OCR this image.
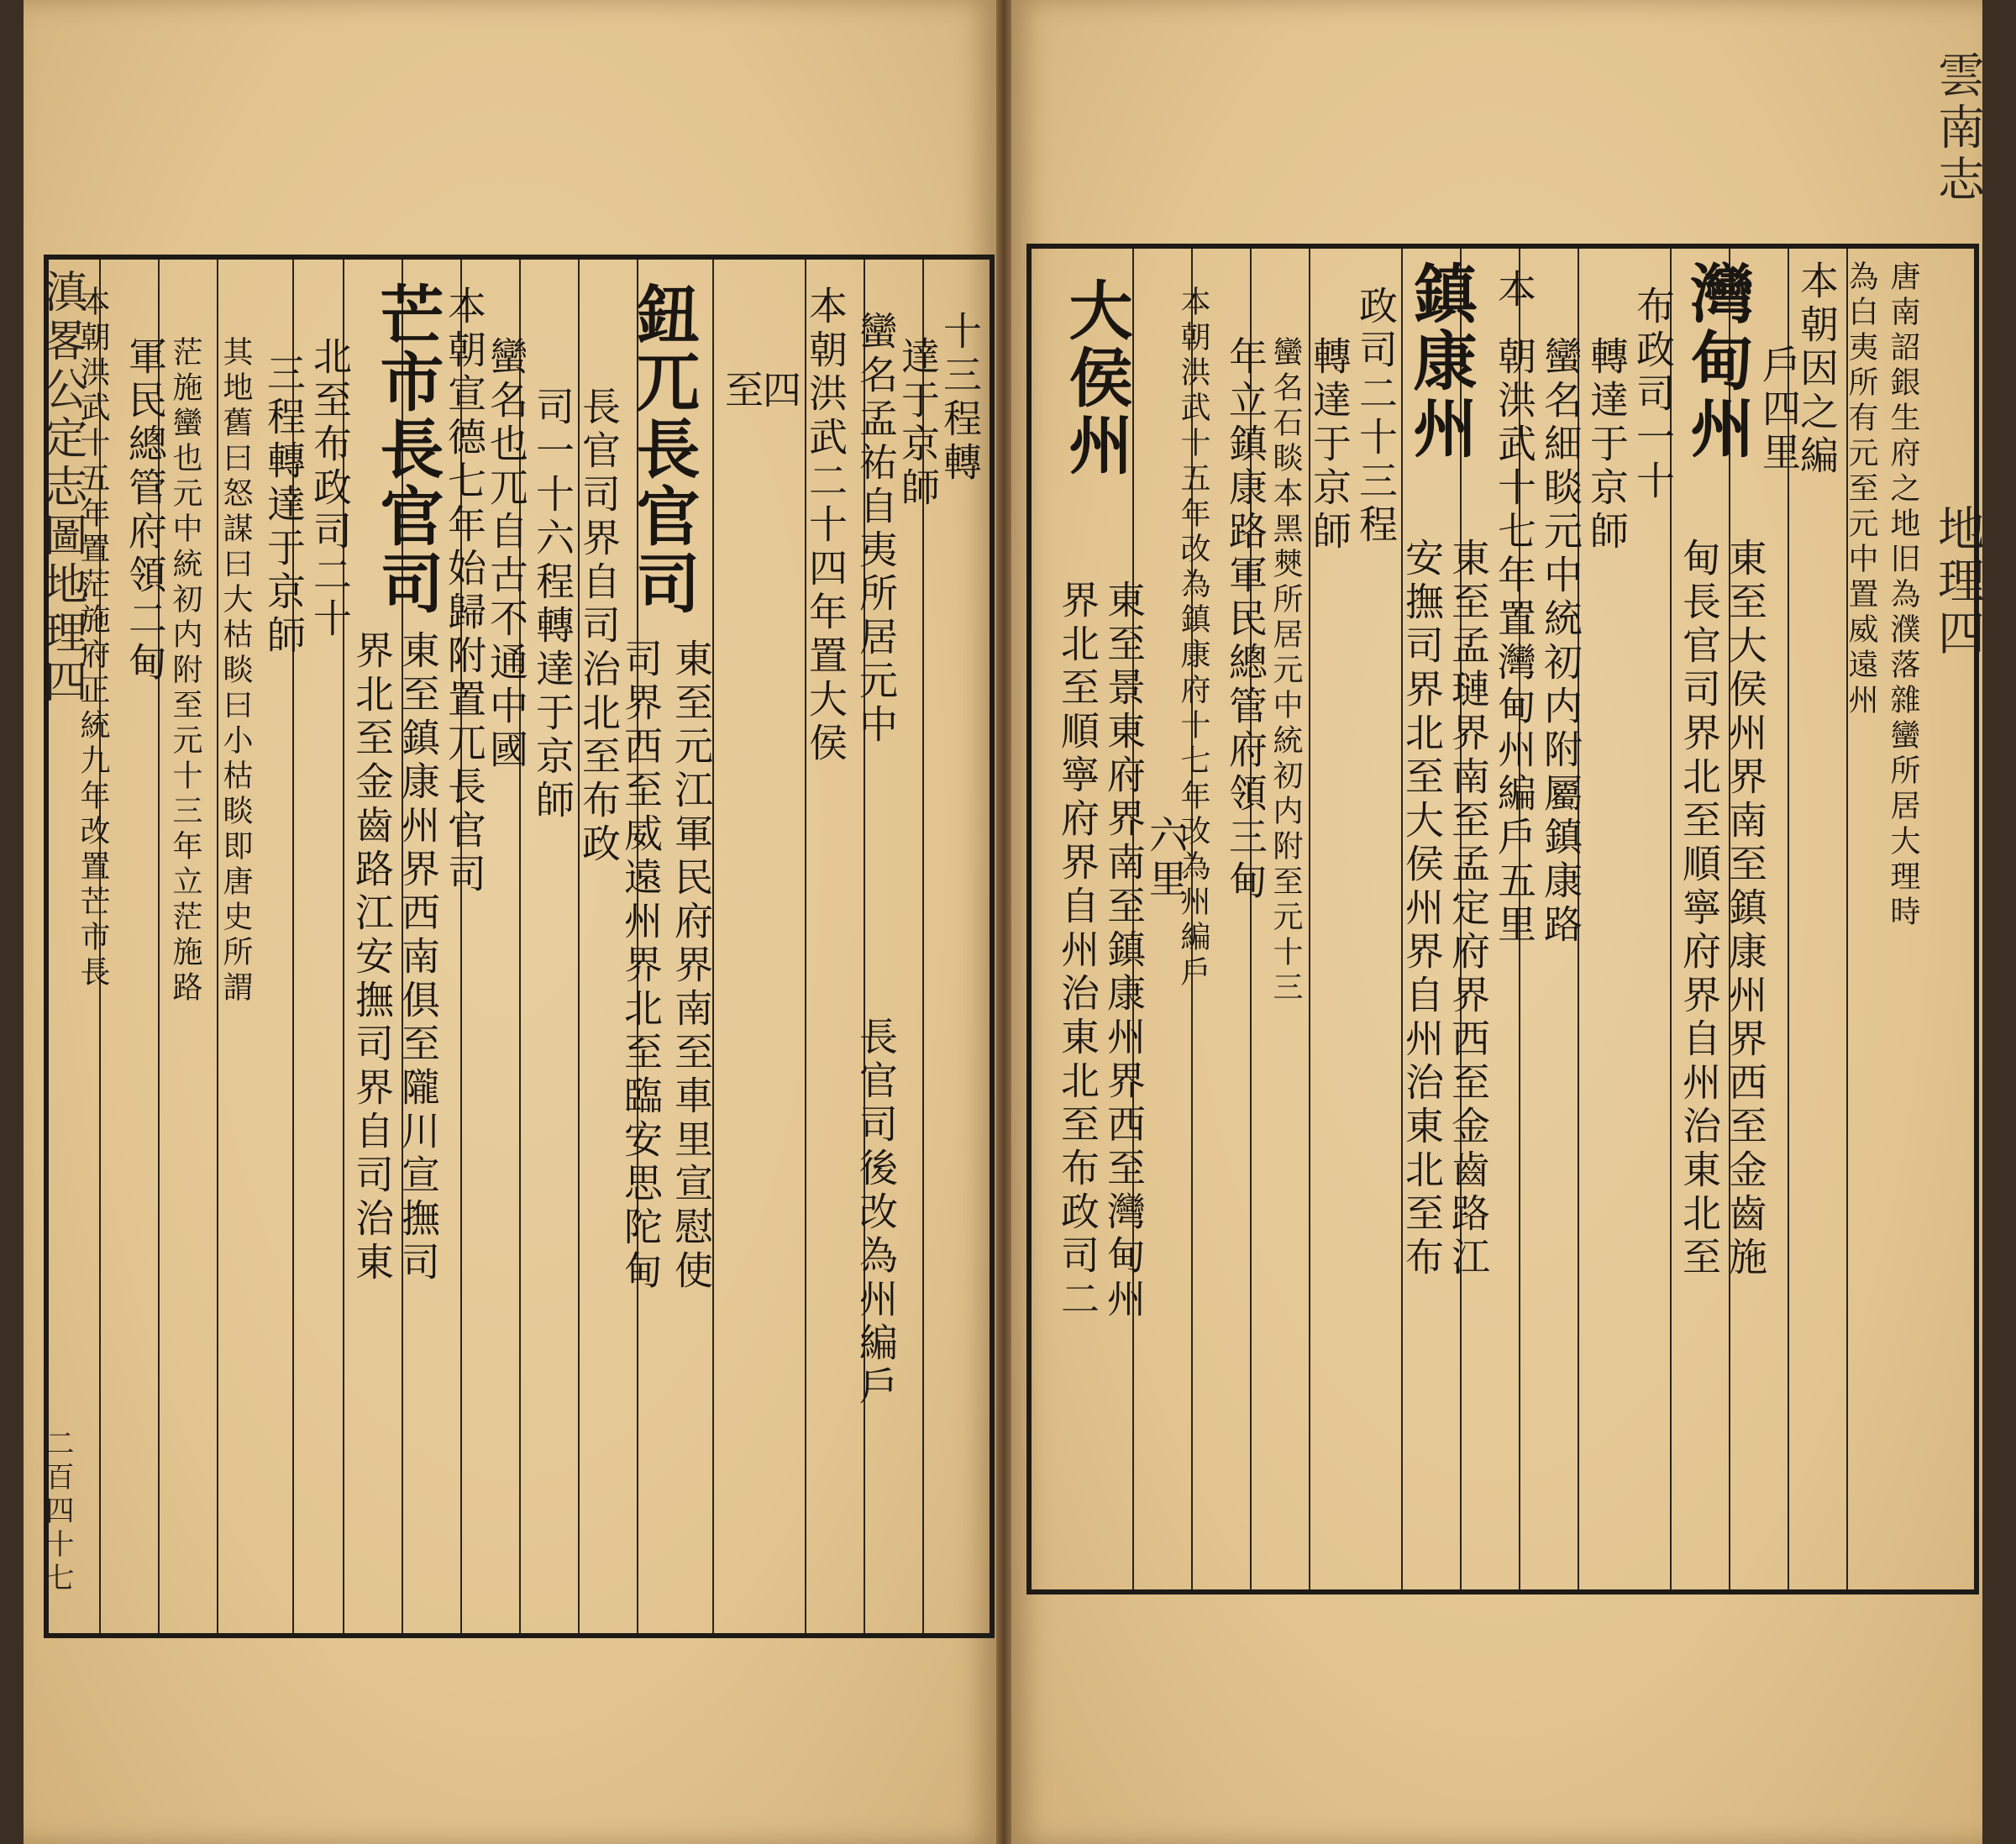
滇畧公定志圖地理四
二百四十七
雲南志
地理四
十三程轉
達于京師
蠻名孟祐自夷所居元中
本朝洪武二十四年置大侯
長官司後改為州編戶
四
至
鈕兀長官司
東至元江軍民府界南至車里宣慰使
司界西至威遠州界北至臨安思陀甸
長官司界自司治北至布政
司一十六程轉達于京師
蠻名也兀自古不通中國
本朝宣德七年始歸附置兀長官司
芒市長官司
東至鎮康州界西南俱至隴川宣撫司
界北至金齒路江安撫司界自司治東
北至布政司二十
三程轉達于京師
其地舊曰怒謀曰大枯睒曰小枯睒即唐史所謂
茫施蠻也元中統初内附至元十三年立茫施路
軍民總管府領二甸
本朝洪武十五年置茫施府正統九年改置芒市長	唐南詔銀生府之地旧為濮落雜蠻所居大理時
為白夷所有元至元中置威遠州
本朝因之編
戶四里
灣甸州
東至大侯州界南至鎮康州界西至金齒施
甸長官司界北至順寧府界自州治東北至
布政司一十
轉達于京師
本
蠻名細睒元中統初内附屬鎮康路
朝洪武十七年置灣甸州編戶五里
鎮康州
東至孟璉界南至孟定府界西至金齒路江
安撫司界北至大侯州界自州治東北至布
政司二十三程
轉達于京師
蠻名石睒本黑僰所居元中統初内附至元十三
年立鎮康路軍民總管府領三甸
本朝洪武十五年改為鎮康府十七年改為州編戶
六里
大侯州
東至景東府界南至鎮康州界西至灣甸州
界北至順寧府界自州治東北至布政司二
